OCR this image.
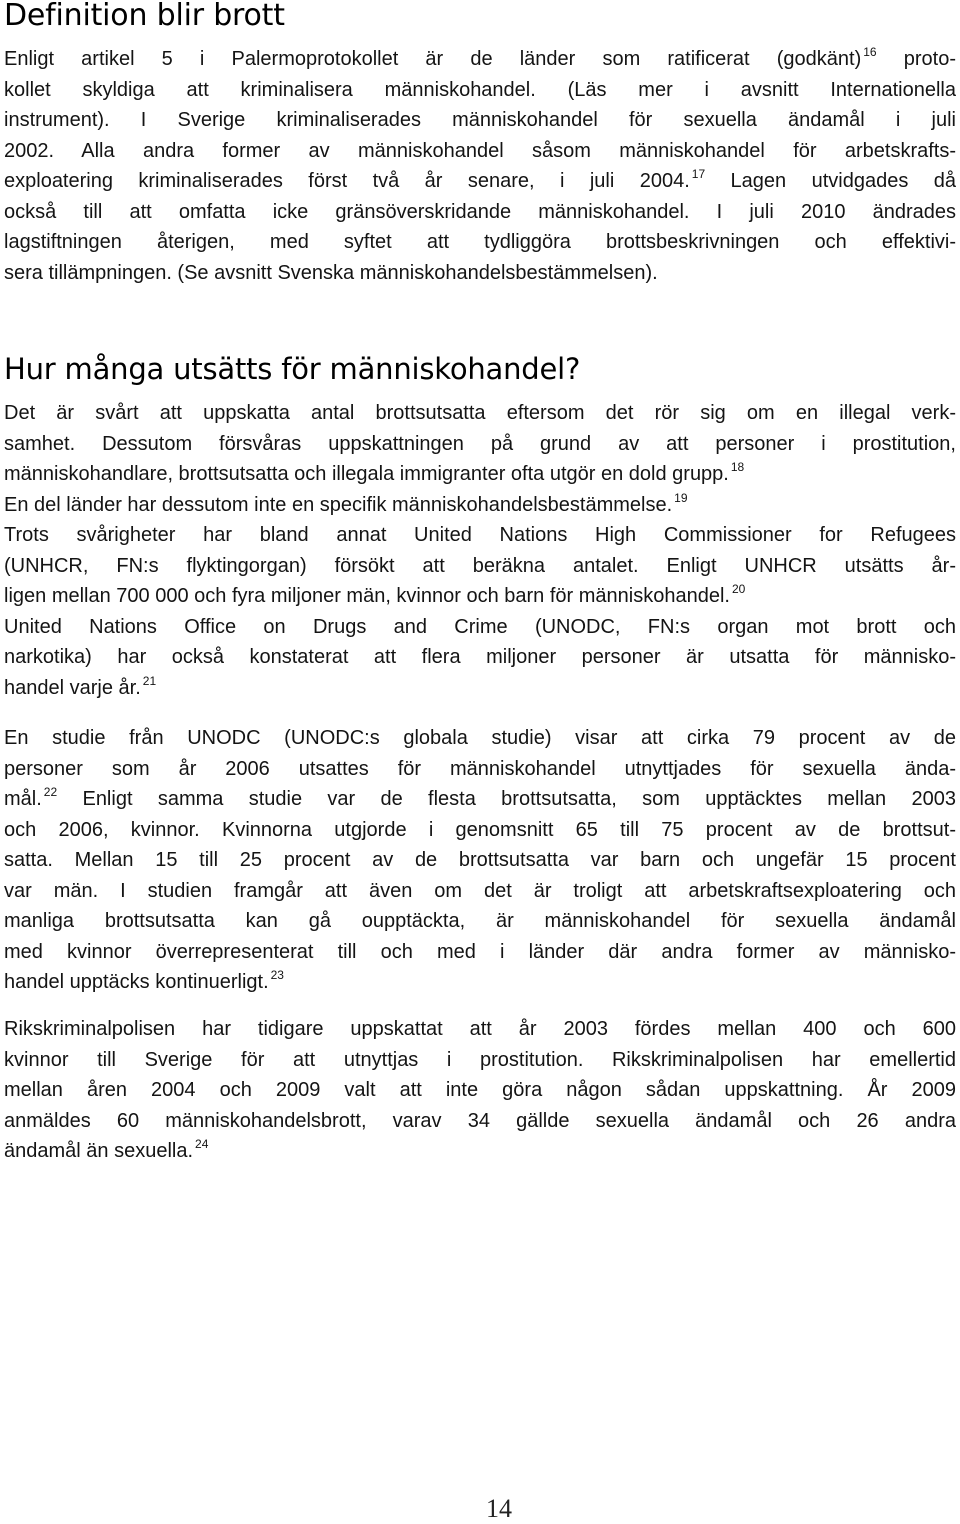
Definition blir brott
Enligt artikel 5 i Palermoprotokollet är de länder som ratificerat (godkänt) $^{16}$ proto-
kollet skyldiga att kriminalisera människohandel. (Läs mer i avsnitt Internationella
instrument). I Sverige kriminaliserades människohandel för sexuella ändamål i juli
2002. Alla andra former av människohandel såsom människohandel för arbetskrafts-
exploatering kriminaliserades först två år senare, i juli 2004. $^{17}$ Lagen utvidgades då
också till att omfatta icke gränsöverskridande människohandel. I juli 2010 ändrades
lagstiftningen återigen, med syftet att tydliggöra brottsbeskrivningen och effektivi-
sera tillämpningen. (Se avsnitt Svenska människohandelsbestämmelsen).
Hur många utsätts för människohandel?
Det är svårt att uppskatta antal brottsutsatta eftersom det rör sig om en illegal verk-
samhet. Dessutom försvåras uppskattningen på grund av att personer i prostitution,
människohandlare, brottsutsatta och illegala immigranter ofta utgör en dold grupp. $^{18}$
En del länder har dessutom inte en specifik människohandelsbestämmelse. $^{19}$
Trots svårigheter har bland annat United Nations High Commissioner for Refugees
(UNHCR, FN:s flyktingorgan) försökt att beräkna antalet. Enligt UNHCR utsätts år-
ligen mellan 700 000 och fyra miljoner män, kvinnor och barn för människohandel. $^{20}$
United Nations Office on Drugs and Crime (UNODC, FN:s organ mot brott och
narkotika) har också konstaterat att flera miljoner personer är utsatta för människo-
handel varje år. $^{21}$
En studie från UNODC (UNODC:s globala studie) visar att cirka 79 procent av de
personer som år 2006 utsattes för människohandel utnyttjades för sexuella ända-
mål. $^{22}$ Enligt samma studie var de flesta brottsutsatta, som upptäcktes mellan 2003
och 2006, kvinnor. Kvinnorna utgjorde i genomsnitt 65 till 75 procent av de brottsut-
satta. Mellan 15 till 25 procent av de brottsutsatta var barn och ungefär 15 procent
var män. I studien framgår att även om det är troligt att arbetskraftsexploatering och
manliga brottsutsatta kan gå oupptäckta, är människohandel för sexuella ändamål
med kvinnor överrepresenterat till och med i länder där andra former av människo-
handel upptäcks kontinuerligt. $^{23}$
Rikskriminalpolisen har tidigare uppskattat att år 2003 fördes mellan 400 och 600
kvinnor till Sverige för att utnyttjas i prostitution. Rikskriminalpolisen har emellertid
mellan åren 2004 och 2009 valt att inte göra någon sådan uppskattning. År 2009
anmäldes 60 människohandelsbrott, varav 34 gällde sexuella ändamål och 26 andra
ändamål än sexuella. $^{24}$
14
